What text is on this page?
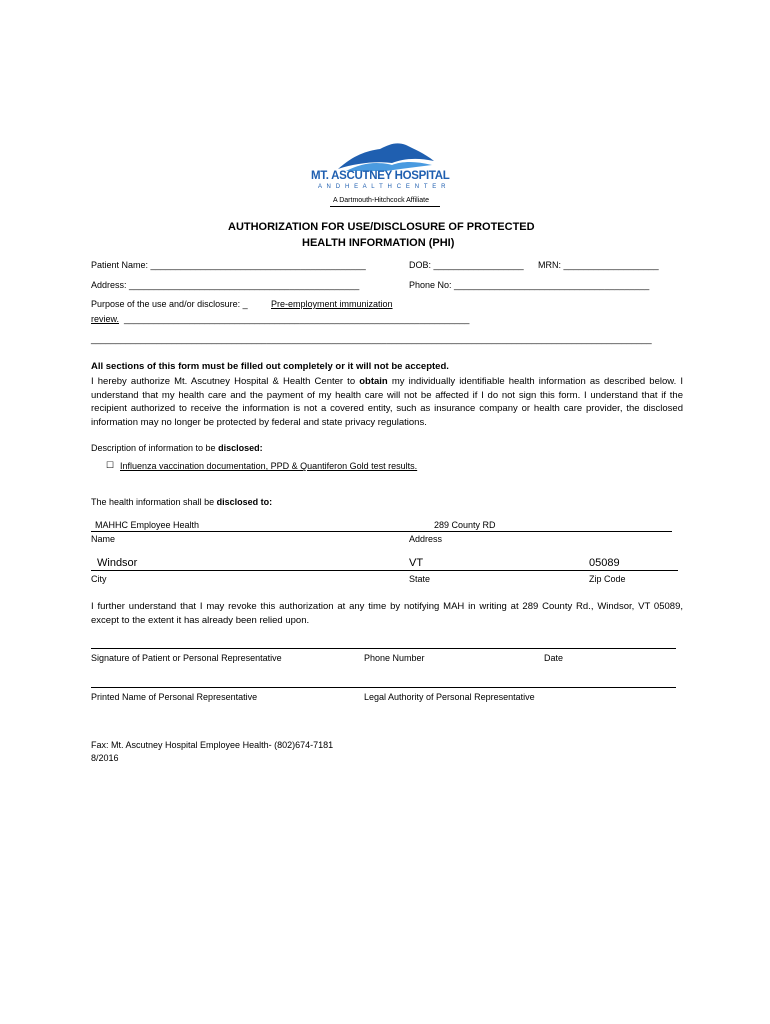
MT. ASCUTNEY HOSPITAL
A N D H E A L T H C E N T E R
A Dartmouth-Hitchcock Affiliate
AUTHORIZATION FOR USE/DISCLOSURE OF PROTECTED
HEALTH INFORMATION (PHI)
Patient Name: ___________________________________________	DOB: __________________ MRN: ___________________
Address: ______________________________________________	Phone No: _______________________________________
Purpose of the use and/or disclosure: _	Pre-employment immunization
review. _____________________________________________________________________
________________________________________________________________________________________________________________
All sections of this form must be filled out completely or it will not be accepted.
I hereby authorize Mt. Ascutney Hospital & Health Center to obtain my individually identifiable health information as described below. I understand that my health care and the payment of my health care will not be affected if I do not sign this form. I understand that if the recipient authorized to receive the information is not a covered entity, such as insurance company or health care provider, the disclosed information may no longer be protected by federal and state privacy regulations.
Description of information to be disclosed:
☐ Influenza vaccination documentation, PPD & Quantiferon Gold test results.
The health information shall be disclosed to:
MAHHC Employee Health	289 County RD
Name	Address
Windsor	VT	05089
City	State	Zip Code
I further understand that I may revoke this authorization at any time by notifying MAH in writing at 289 County Rd., Windsor, VT 05089, except to the extent it has already been relied upon.
Signature of Patient or Personal Representative	Phone Number	Date
Printed Name of Personal Representative	Legal Authority of Personal Representative
Fax: Mt. Ascutney Hospital Employee Health- (802)674-7181
8/2016
